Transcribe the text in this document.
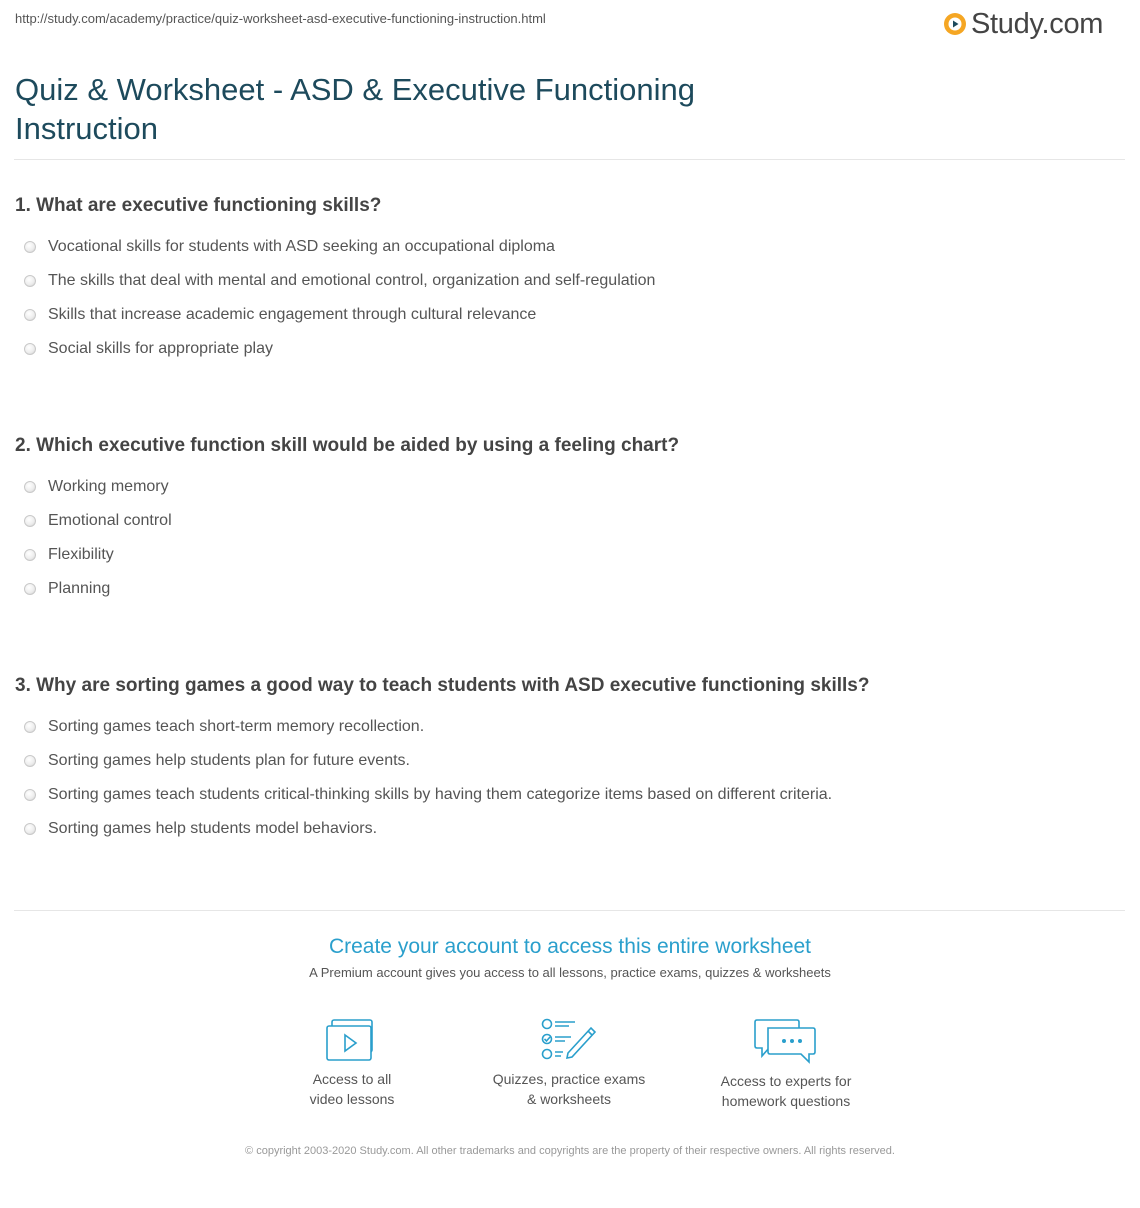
http://study.com/academy/practice/quiz-worksheet-asd-executive-functioning-instruction.html	Study.com
Quiz & Worksheet - ASD & Executive Functioning
Instruction
1. What are executive functioning skills?
Vocational skills for students with ASD seeking an occupational diploma
The skills that deal with mental and emotional control, organization and self-regulation
Skills that increase academic engagement through cultural relevance
Social skills for appropriate play
2. Which executive function skill would be aided by using a feeling chart?
Working memory
Emotional control
Flexibility
Planning
3. Why are sorting games a good way to teach students with ASD executive functioning skills?
Sorting games teach short-term memory recollection.
Sorting games help students plan for future events.
Sorting games teach students critical-thinking skills by having them categorize items based on different criteria.
Sorting games help students model behaviors.
Create your account to access this entire worksheet
A Premium account gives you access to all lessons, practice exams, quizzes & worksheets
Access to all
video lessons
Quizzes, practice exams
& worksheets
Access to experts for
homework questions
© copyright 2003-2020 Study.com. All other trademarks and copyrights are the property of their respective owners. All rights reserved.
